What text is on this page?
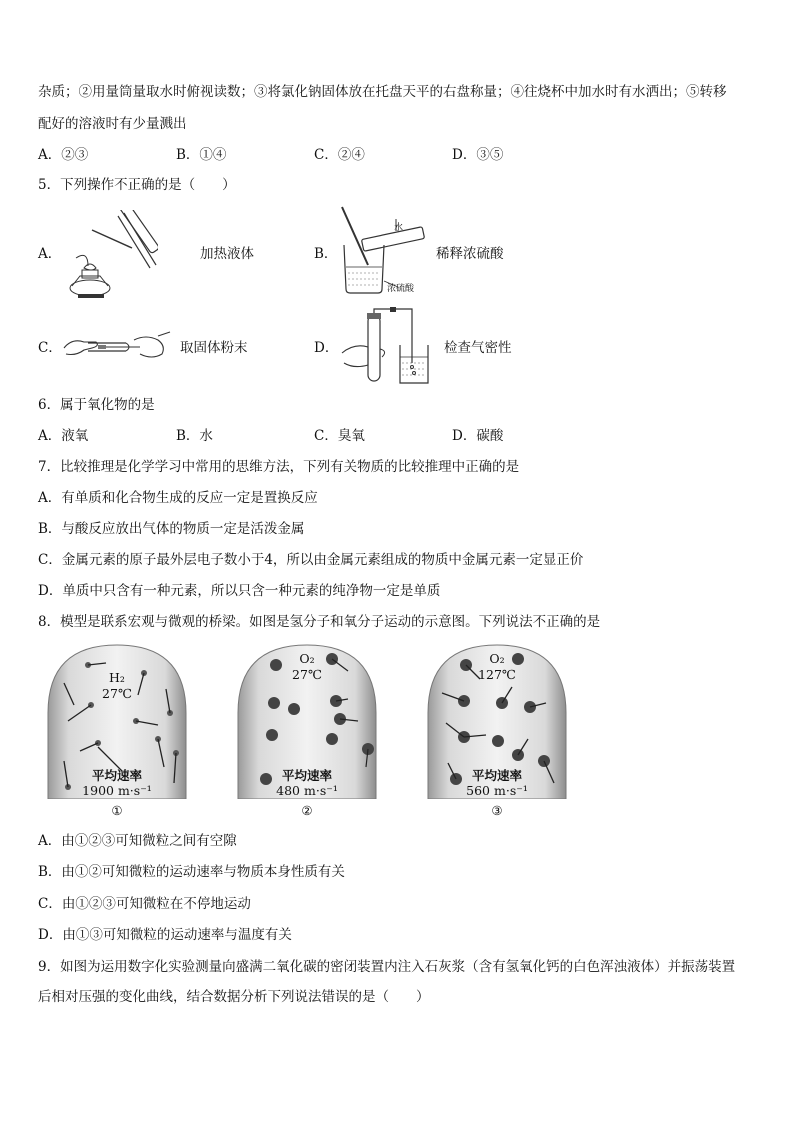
杂质；②用量筒量取水时俯视读数；③将氯化钠固体放在托盘天平的右盘称量；④往烧杯中加水时有水洒出；⑤转移
配好的溶液时有少量溅出
A．②③	B．①④	C．②④	D．③⑤
5．下列操作不正确的是（　　）
A．	加热液体	B．
水
浓硫酸
稀释浓硫酸
C．	取固体粉末	D．	检查气密性
6．属于氧化物的是
A．液氧	B．水	C．臭氧	D．碳酸
7．比较推理是化学学习中常用的思维方法，下列有关物质的比较推理中正确的是
A．有单质和化合物生成的反应一定是置换反应
B．与酸反应放出气体的物质一定是活泼金属
C．金属元素的原子最外层电子数小于4，所以由金属元素组成的物质中金属元素一定显正价
D．单质中只含有一种元素，所以只含一种元素的纯净物一定是单质
8．模型是联系宏观与微观的桥梁。如图是氢分子和氧分子运动的示意图。下列说法不正确的是
H₂
27℃
平均速率
1900 m·s⁻¹
①
O₂
27℃
平均速率
480 m·s⁻¹
②
O₂
127℃
平均速率
560 m·s⁻¹
③
A．由①②③可知微粒之间有空隙
B．由①②可知微粒的运动速率与物质本身性质有关
C．由①②③可知微粒在不停地运动
D．由①③可知微粒的运动速率与温度有关
9．如图为运用数字化实验测量向盛满二氧化碳的密闭装置内注入石灰浆（含有氢氧化钙的白色浑浊液体）并振荡装置
后相对压强的变化曲线，结合数据分析下列说法错误的是（　　）
